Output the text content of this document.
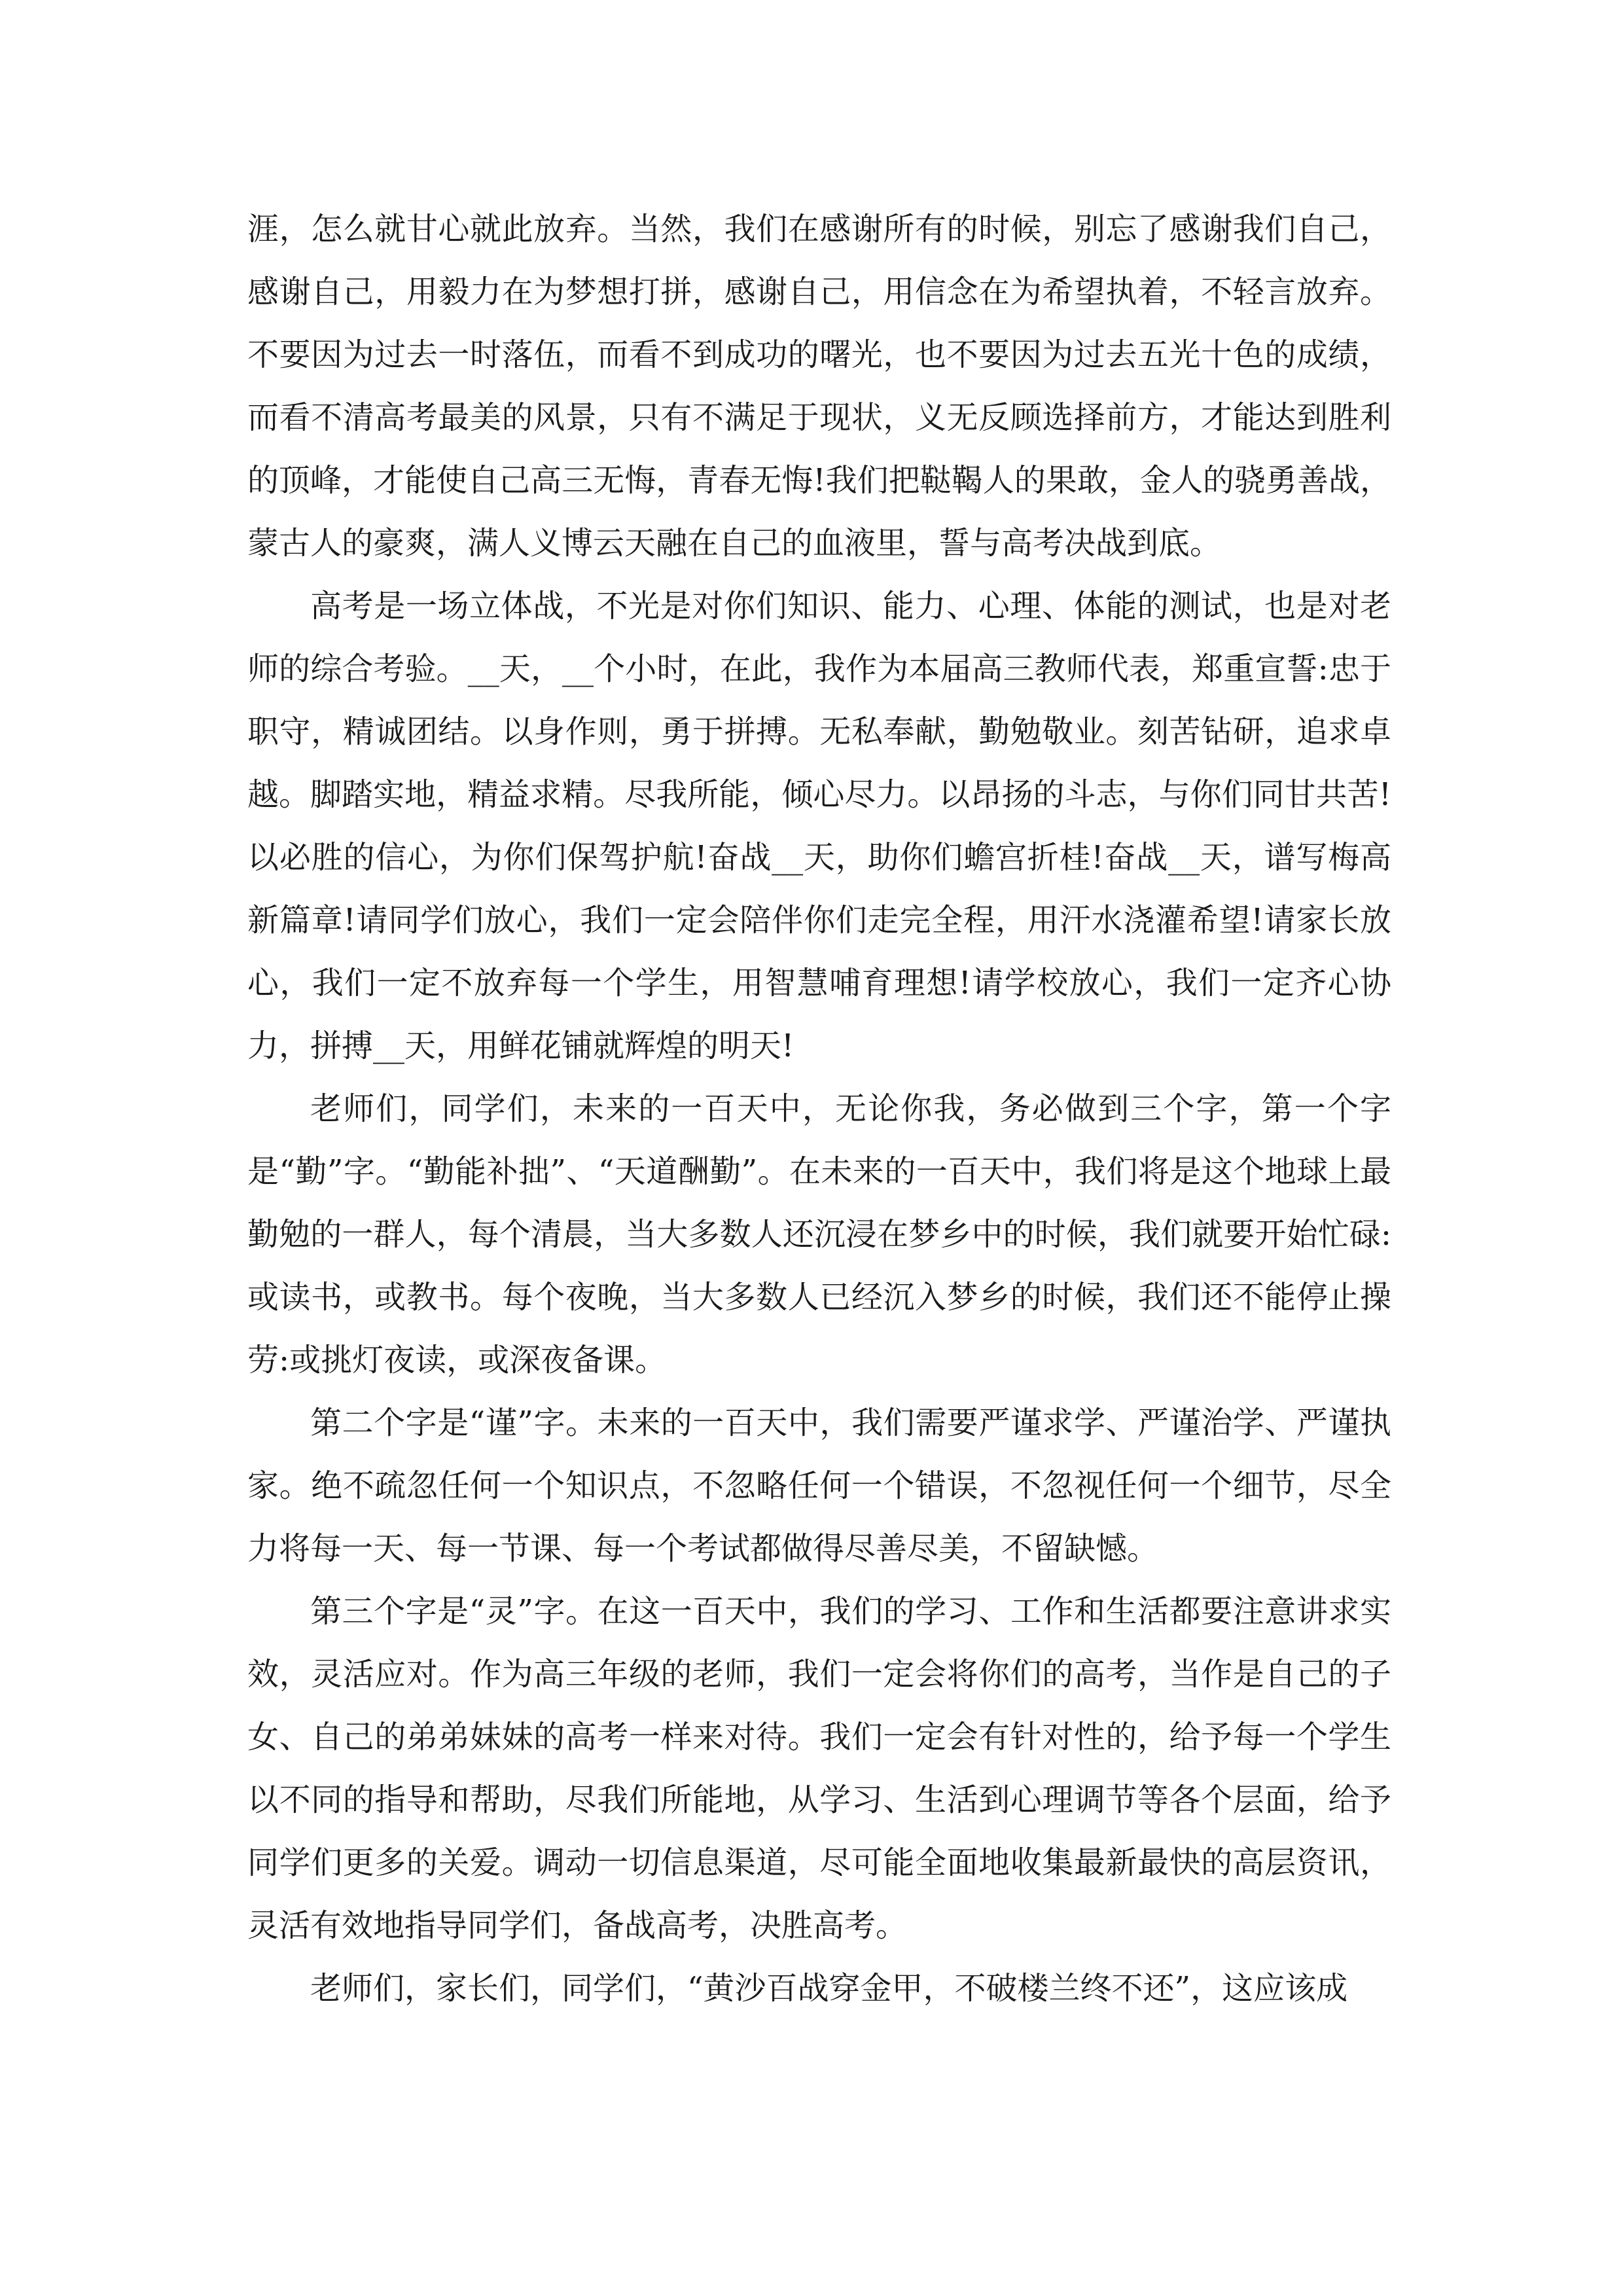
涯，怎么就甘心就此放弃。当然，我们在感谢所有的时候，别忘了感谢我们自己，感谢自己，用毅力在为梦想打拼，感谢自己，用信念在为希望执着，不轻言放弃。不要因为过去一时落伍，而看不到成功的曙光，也不要因为过去五光十色的成绩，而看不清高考最美的风景，只有不满足于现状，义无反顾选择前方，才能达到胜利的顶峰，才能使自己高三无悔，青春无悔!我们把鞑鞨人的果敢，金人的骁勇善战，蒙古人的豪爽，满人义博云天融在自己的血液里，誓与高考决战到底。

高考是一场立体战，不光是对你们知识、能力、心理、体能的测试，也是对老师的综合考验。__天，__个小时，在此，我作为本届高三教师代表，郑重宣誓:忠于职守，精诚团结。以身作则，勇于拼搏。无私奉献，勤勉敬业。刻苦钻研，追求卓越。脚踏实地，精益求精。尽我所能，倾心尽力。以昂扬的斗志，与你们同甘共苦!以必胜的信心，为你们保驾护航!奋战__天，助你们蟾宫折桂!奋战__天，谱写梅高新篇章!请同学们放心，我们一定会陪伴你们走完全程，用汗水浇灌希望!请家长放心，我们一定不放弃每一个学生，用智慧哺育理想!请学校放心，我们一定齐心协力，拼搏__天，用鲜花铺就辉煌的明天!

老师们，同学们，未来的一百天中，无论你我，务必做到三个字，第一个字是“勤”字。“勤能补拙”、“天道酬勤”。在未来的一百天中，我们将是这个地球上最勤勉的一群人，每个清晨，当大多数人还沉浸在梦乡中的时候，我们就要开始忙碌:或读书，或教书。每个夜晚，当大多数人已经沉入梦乡的时候，我们还不能停止操劳:或挑灯夜读，或深夜备课。

第二个字是“谨”字。未来的一百天中，我们需要严谨求学、严谨治学、严谨执家。绝不疏忽任何一个知识点，不忽略任何一个错误，不忽视任何一个细节，尽全力将每一天、每一节课、每一个考试都做得尽善尽美，不留缺憾。

第三个字是“灵”字。在这一百天中，我们的学习、工作和生活都要注意讲求实效，灵活应对。作为高三年级的老师，我们一定会将你们的高考，当作是自己的子女、自己的弟弟妹妹的高考一样来对待。我们一定会有针对性的，给予每一个学生以不同的指导和帮助，尽我们所能地，从学习、生活到心理调节等各个层面，给予同学们更多的关爱。调动一切信息渠道，尽可能全面地收集最新最快的高层资讯，灵活有效地指导同学们，备战高考，决胜高考。

老师们，家长们，同学们，“黄沙百战穿金甲，不破楼兰终不还”，这应该成
